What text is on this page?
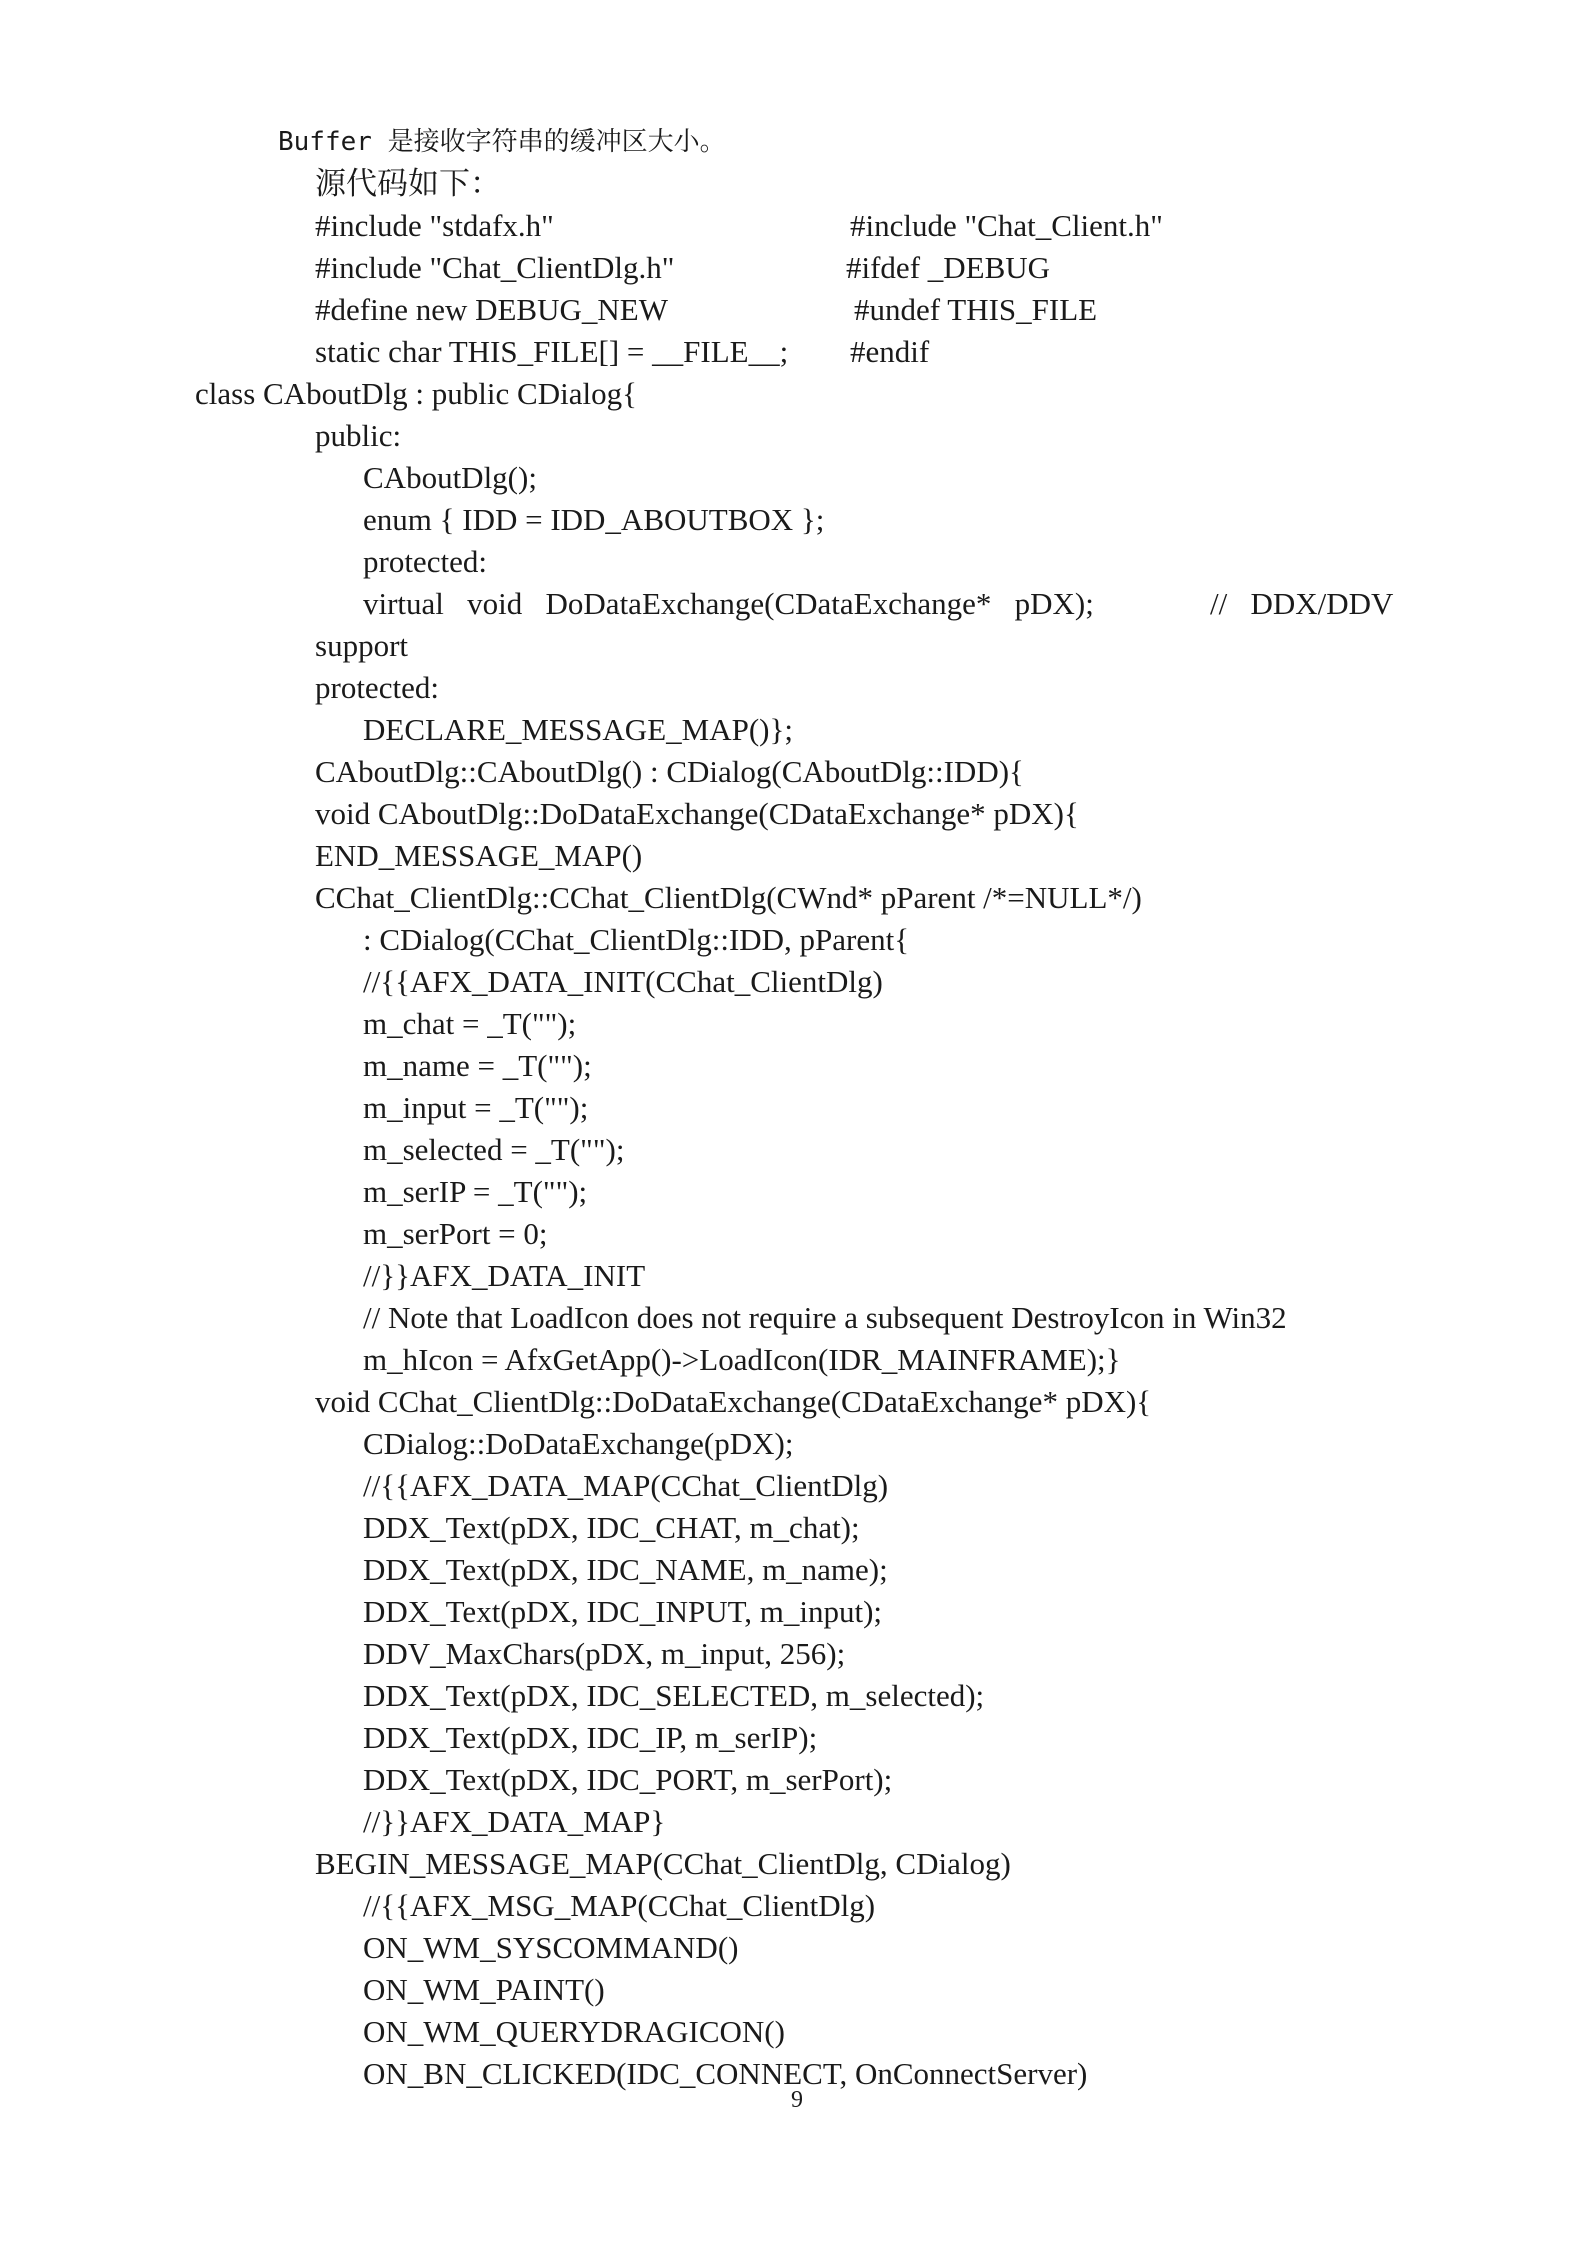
Buffer 是接收字符串的缓冲区大小。
源代码如下：
#include "stdafx.h"	#include "Chat_Client.h"
#include "Chat_ClientDlg.h"	#ifdef _DEBUG
#define new DEBUG_NEW	#undef THIS_FILE
static char THIS_FILE[] = __FILE__; #endif
class CAboutDlg : public CDialog{
public:
CAboutDlg();
enum { IDD = IDD_ABOUTBOX };
protected:
virtual   void   DoDataExchange(CDataExchange*   pDX);	//   DDX/DDV
support
protected:
DECLARE_MESSAGE_MAP()};
CAboutDlg::CAboutDlg() : CDialog(CAboutDlg::IDD){
void CAboutDlg::DoDataExchange(CDataExchange* pDX){
END_MESSAGE_MAP()
CChat_ClientDlg::CChat_ClientDlg(CWnd* pParent /*=NULL*/)
: CDialog(CChat_ClientDlg::IDD, pParent{
//{{AFX_DATA_INIT(CChat_ClientDlg)
m_chat = _T("");
m_name = _T("");
m_input = _T("");
m_selected = _T("");
m_serIP = _T("");
m_serPort = 0;
//}}AFX_DATA_INIT
// Note that LoadIcon does not require a subsequent DestroyIcon in Win32
m_hIcon = AfxGetApp()->LoadIcon(IDR_MAINFRAME);}
void CChat_ClientDlg::DoDataExchange(CDataExchange* pDX){
CDialog::DoDataExchange(pDX);
//{{AFX_DATA_MAP(CChat_ClientDlg)
DDX_Text(pDX, IDC_CHAT, m_chat);
DDX_Text(pDX, IDC_NAME, m_name);
DDX_Text(pDX, IDC_INPUT, m_input);
DDV_MaxChars(pDX, m_input, 256);
DDX_Text(pDX, IDC_SELECTED, m_selected);
DDX_Text(pDX, IDC_IP, m_serIP);
DDX_Text(pDX, IDC_PORT, m_serPort);
//}}AFX_DATA_MAP}
BEGIN_MESSAGE_MAP(CChat_ClientDlg, CDialog)
//{{AFX_MSG_MAP(CChat_ClientDlg)
ON_WM_SYSCOMMAND()
ON_WM_PAINT()
ON_WM_QUERYDRAGICON()
ON_BN_CLICKED(IDC_CONNECT, OnConnectServer)
9
